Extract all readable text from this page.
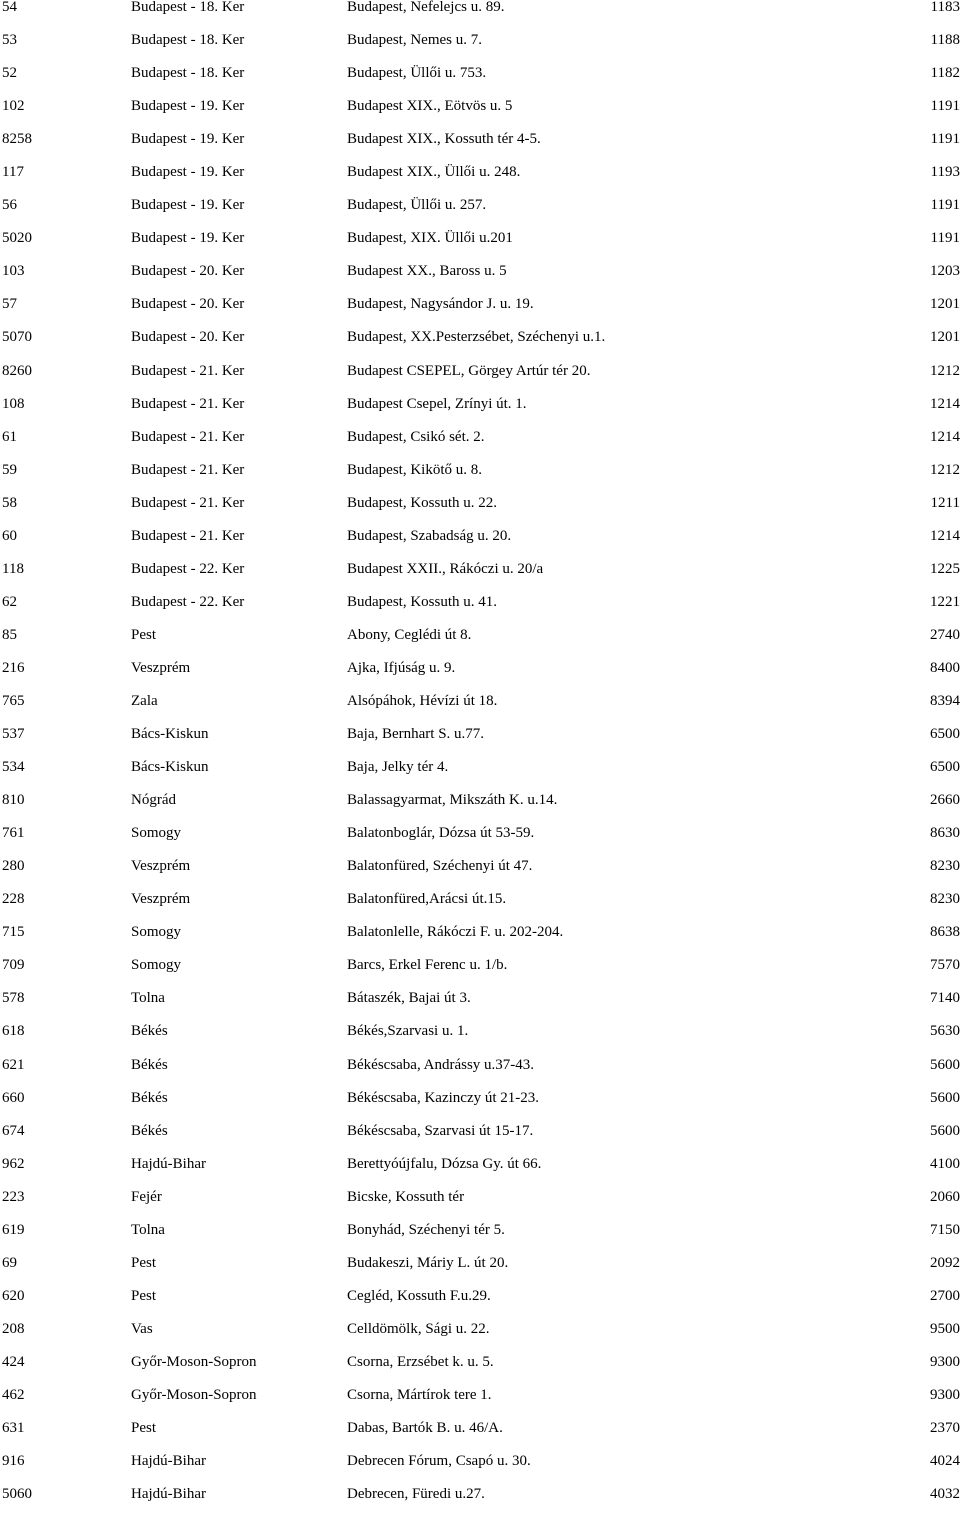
54	Budapest - 18. Ker	Budapest, Nefelejcs u. 89.	1183
53	Budapest - 18. Ker	Budapest, Nemes u. 7.	1188
52	Budapest - 18. Ker	Budapest, Üllői u. 753.	1182
102	Budapest - 19. Ker	Budapest XIX., Eötvös u. 5	1191
8258	Budapest - 19. Ker	Budapest XIX., Kossuth tér 4-5.	1191
117	Budapest - 19. Ker	Budapest XIX., Üllői u. 248.	1193
56	Budapest - 19. Ker	Budapest, Üllői u. 257.	1191
5020	Budapest - 19. Ker	Budapest, XIX. Üllői u.201	1191
103	Budapest - 20. Ker	Budapest XX., Baross u. 5	1203
57	Budapest - 20. Ker	Budapest, Nagysándor J. u. 19.	1201
5070	Budapest - 20. Ker	Budapest, XX.Pesterzsébet, Széchenyi u.1.	1201
8260	Budapest - 21. Ker	Budapest CSEPEL, Görgey Artúr tér 20.	1212
108	Budapest - 21. Ker	Budapest Csepel, Zrínyi út. 1.	1214
61	Budapest - 21. Ker	Budapest, Csikó sét. 2.	1214
59	Budapest - 21. Ker	Budapest, Kikötő u. 8.	1212
58	Budapest - 21. Ker	Budapest, Kossuth u. 22.	1211
60	Budapest - 21. Ker	Budapest, Szabadság u. 20.	1214
118	Budapest - 22. Ker	Budapest XXII., Rákóczi u. 20/a	1225
62	Budapest - 22. Ker	Budapest, Kossuth u. 41.	1221
85	Pest	Abony, Ceglédi út 8.	2740
216	Veszprém	Ajka, Ifjúság u. 9.	8400
765	Zala	Alsópáhok, Hévízi út 18.	8394
537	Bács-Kiskun	Baja, Bernhart S. u.77.	6500
534	Bács-Kiskun	Baja, Jelky tér 4.	6500
810	Nógrád	Balassagyarmat, Mikszáth K. u.14.	2660
761	Somogy	Balatonboglár, Dózsa út 53-59.	8630
280	Veszprém	Balatonfüred, Széchenyi út 47.	8230
228	Veszprém	Balatonfüred,Arácsi út.15.	8230
715	Somogy	Balatonlelle, Rákóczi F. u. 202-204.	8638
709	Somogy	Barcs, Erkel Ferenc u. 1/b.	7570
578	Tolna	Bátaszék, Bajai út 3.	7140
618	Békés	Békés,Szarvasi u. 1.	5630
621	Békés	Békéscsaba, Andrássy u.37-43.	5600
660	Békés	Békéscsaba, Kazinczy út 21-23.	5600
674	Békés	Békéscsaba, Szarvasi út 15-17.	5600
962	Hajdú-Bihar	Berettyóújfalu, Dózsa Gy. út 66.	4100
223	Fejér	Bicske, Kossuth tér	2060
619	Tolna	Bonyhád, Széchenyi tér 5.	7150
69	Pest	Budakeszi, Máriy L. út 20.	2092
620	Pest	Cegléd, Kossuth F.u.29.	2700
208	Vas	Celldömölk, Sági u. 22.	9500
424	Győr-Moson-Sopron	Csorna, Erzsébet k. u. 5.	9300
462	Győr-Moson-Sopron	Csorna, Mártírok tere 1.	9300
631	Pest	Dabas, Bartók B. u. 46/A.	2370
916	Hajdú-Bihar	Debrecen Fórum, Csapó u. 30.	4024
5060	Hajdú-Bihar	Debrecen, Füredi u.27.	4032
